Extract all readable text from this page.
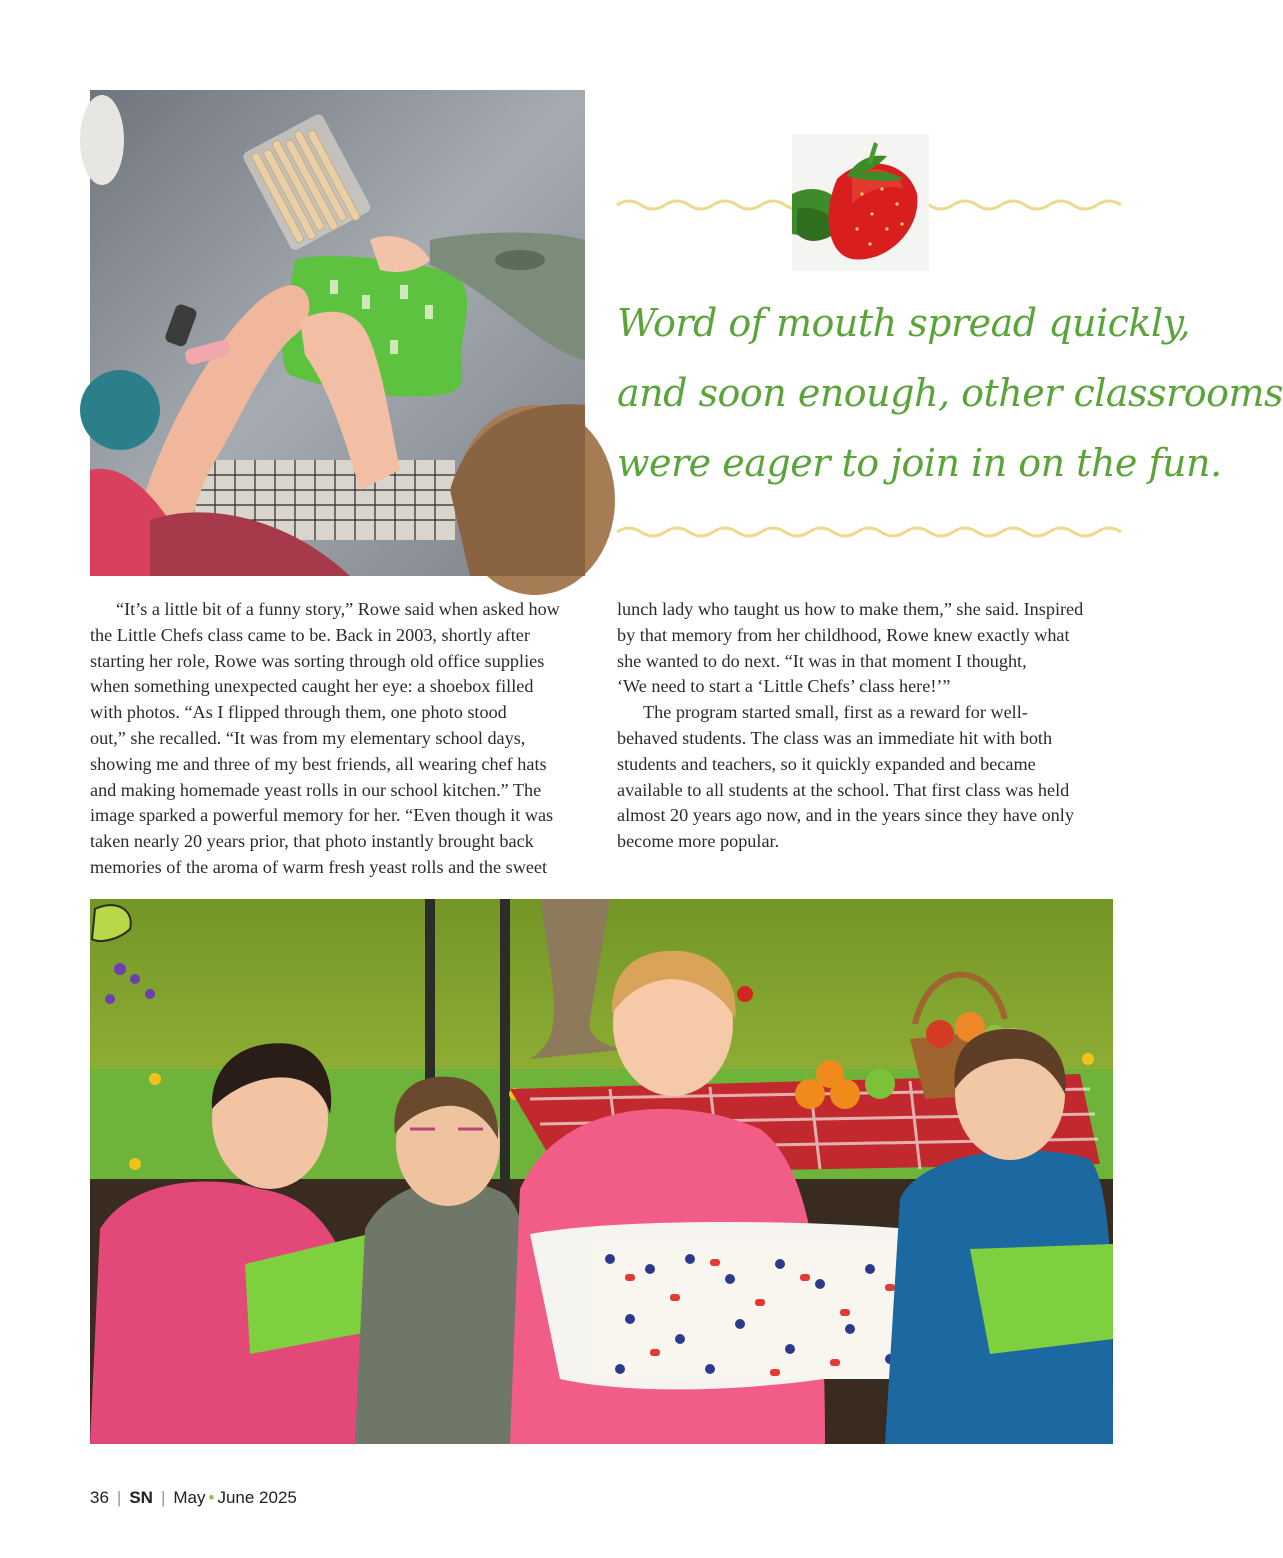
Word of mouth spread quickly,
and soon enough, other classrooms
were eager to join in on the fun.

“It’s a little bit of a funny story,” Rowe said when asked how
the Little Chefs class came to be. Back in 2003, shortly after
starting her role, Rowe was sorting through old office supplies
when something unexpected caught her eye: a shoebox filled
with photos. “As I flipped through them, one photo stood
out,” she recalled. “It was from my elementary school days,
showing me and three of my best friends, all wearing chef hats
and making homemade yeast rolls in our school kitchen.” The
image sparked a powerful memory for her. “Even though it was
taken nearly 20 years prior, that photo instantly brought back
memories of the aroma of warm fresh yeast rolls and the sweet

lunch lady who taught us how to make them,” she said. Inspired
by that memory from her childhood, Rowe knew exactly what
she wanted to do next. “It was in that moment I thought,
‘We need to start a ‘Little Chefs’ class here!’”

The program started small, first as a reward for well-
behaved students. The class was an immediate hit with both
students and teachers, so it quickly expanded and became
available to all students at the school. That first class was held
almost 20 years ago now, and in the years since they have only
become more popular.

36 | SN | May • June 2025
